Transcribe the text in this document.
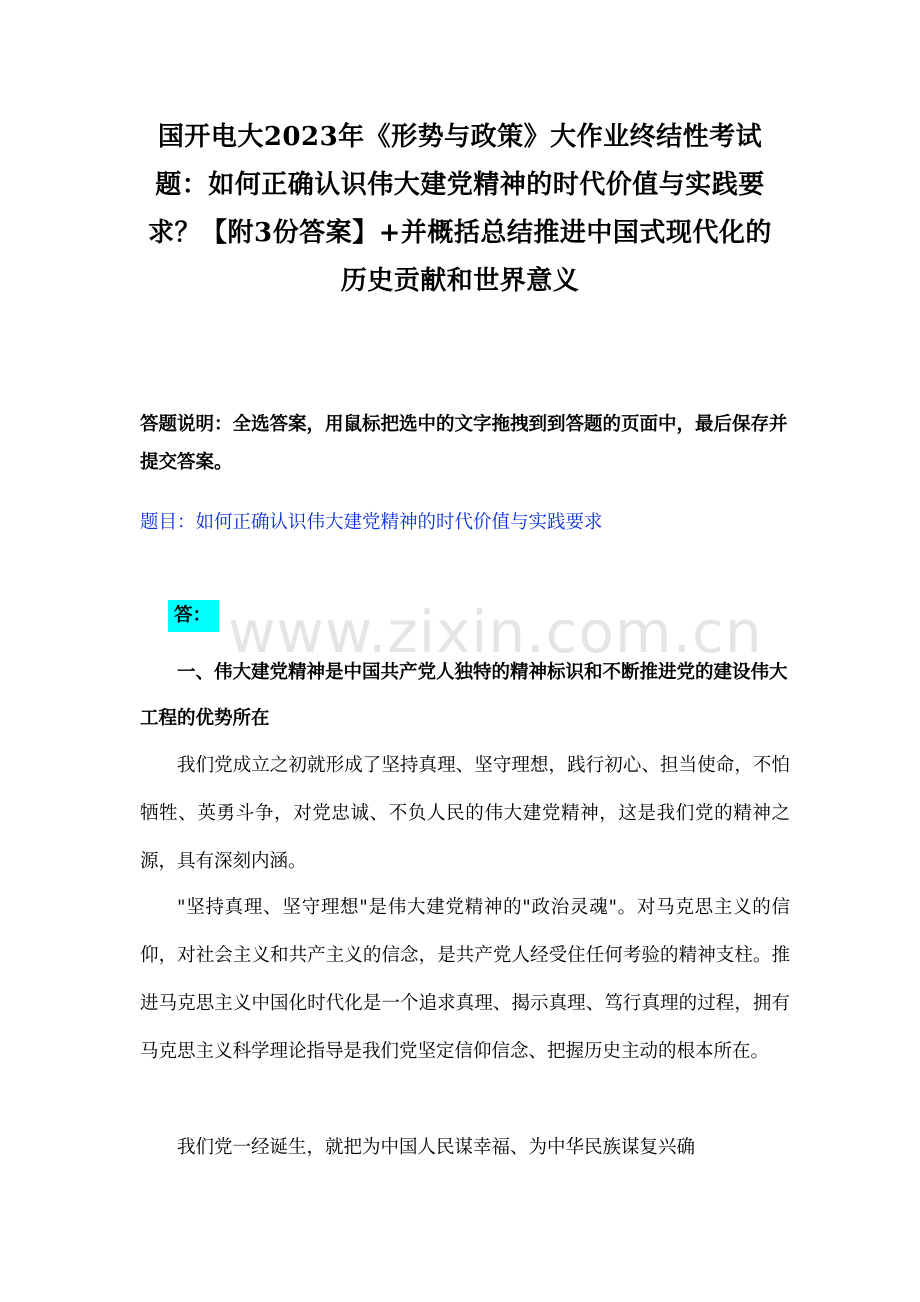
国开电大2023年《形势与政策》大作业终结性考试题：如何正确认识伟大建党精神的时代价值与实践要求？【附3份答案】+并概括总结推进中国式现代化的历史贡献和世界意义
答题说明：全选答案，用鼠标把选中的文字拖拽到到答题的页面中，最后保存并提交答案。
题目：如何正确认识伟大建党精神的时代价值与实践要求
www.zixin.com.cn
答：
一、伟大建党精神是中国共产党人独特的精神标识和不断推进党的建设伟大工程的优势所在
我们党成立之初就形成了坚持真理、坚守理想，践行初心、担当使命，不怕牺牲、英勇斗争，对党忠诚、不负人民的伟大建党精神，这是我们党的精神之源，具有深刻内涵。
"坚持真理、坚守理想"是伟大建党精神的"政治灵魂"。对马克思主义的信仰，对社会主义和共产主义的信念，是共产党人经受住任何考验的精神支柱。推进马克思主义中国化时代化是一个追求真理、揭示真理、笃行真理的过程，拥有马克思主义科学理论指导是我们党坚定信仰信念、把握历史主动的根本所在。
我们党一经诞生，就把为中国人民谋幸福、为中华民族谋复兴确
